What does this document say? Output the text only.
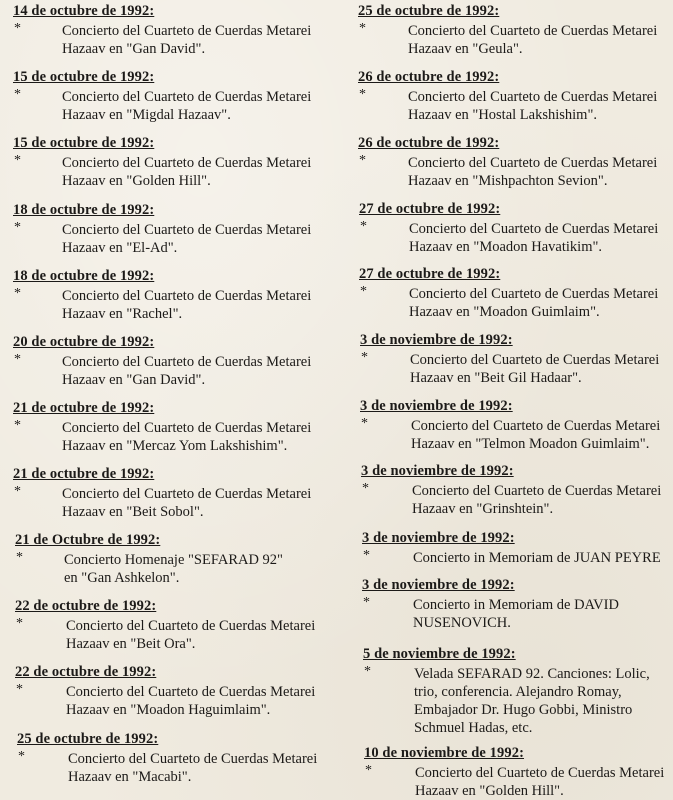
14 de octubre de 1992:
*	Concierto del Cuarteto de Cuerdas Metarei
Hazaav en "Gan David".
15 de octubre de 1992:
*	Concierto del Cuarteto de Cuerdas Metarei
Hazaav en "Migdal Hazaav".
15 de octubre de 1992:
*	Concierto del Cuarteto de Cuerdas Metarei
Hazaav en "Golden Hill".
18 de octubre de 1992:
*	Concierto del Cuarteto de Cuerdas Metarei
Hazaav en "El-Ad".
18 de octubre de 1992:
*	Concierto del Cuarteto de Cuerdas Metarei
Hazaav en "Rachel".
20 de octubre de 1992:
*	Concierto del Cuarteto de Cuerdas Metarei
Hazaav en "Gan David".
21 de octubre de 1992:
*	Concierto del Cuarteto de Cuerdas Metarei
Hazaav en "Mercaz Yom Lakshishim".
21 de octubre de 1992:
*	Concierto del Cuarteto de Cuerdas Metarei
Hazaav en "Beit Sobol".
21 de Octubre de 1992:
*	Concierto Homenaje "SEFARAD 92"
en "Gan Ashkelon".
22 de octubre de 1992:
*	Concierto del Cuarteto de Cuerdas Metarei
Hazaav en "Beit Ora".
22 de octubre de 1992:
*	Concierto del Cuarteto de Cuerdas Metarei
Hazaav en "Moadon Haguimlaim".
25 de octubre de 1992:
*	Concierto del Cuarteto de Cuerdas Metarei
Hazaav en "Macabi".
25 de octubre de 1992:
*	Concierto del Cuarteto de Cuerdas Metarei
Hazaav en "Geula".
26 de octubre de 1992:
*	Concierto del Cuarteto de Cuerdas Metarei
Hazaav en "Hostal Lakshishim".
26 de octubre de 1992:
*	Concierto del Cuarteto de Cuerdas Metarei
Hazaav en "Mishpachton Sevion".
27 de octubre de 1992:
*	Concierto del Cuarteto de Cuerdas Metarei
Hazaav en "Moadon Havatikim".
27 de octubre de 1992:
*	Concierto del Cuarteto de Cuerdas Metarei
Hazaav en "Moadon Guimlaim".
3 de noviembre de 1992:
*	Concierto del Cuarteto de Cuerdas Metarei
Hazaav en "Beit Gil Hadaar".
3 de noviembre de 1992:
*	Concierto del Cuarteto de Cuerdas Metarei
Hazaav en "Telmon Moadon Guimlaim".
3 de noviembre de 1992:
*	Concierto del Cuarteto de Cuerdas Metarei
Hazaav en "Grinshtein".
3 de noviembre de 1992:
*	Concierto in Memoriam de JUAN PEYRE
3 de noviembre de 1992:
*	Concierto in Memoriam de DAVID
NUSENOVICH.
5 de noviembre de 1992:
*	Velada SEFARAD 92. Canciones: Lolic,
trio, conferencia. Alejandro Romay,
Embajador Dr. Hugo Gobbi, Ministro
Schmuel Hadas, etc.
10 de noviembre de 1992:
*	Concierto del Cuarteto de Cuerdas Metarei
Hazaav en "Golden Hill".
